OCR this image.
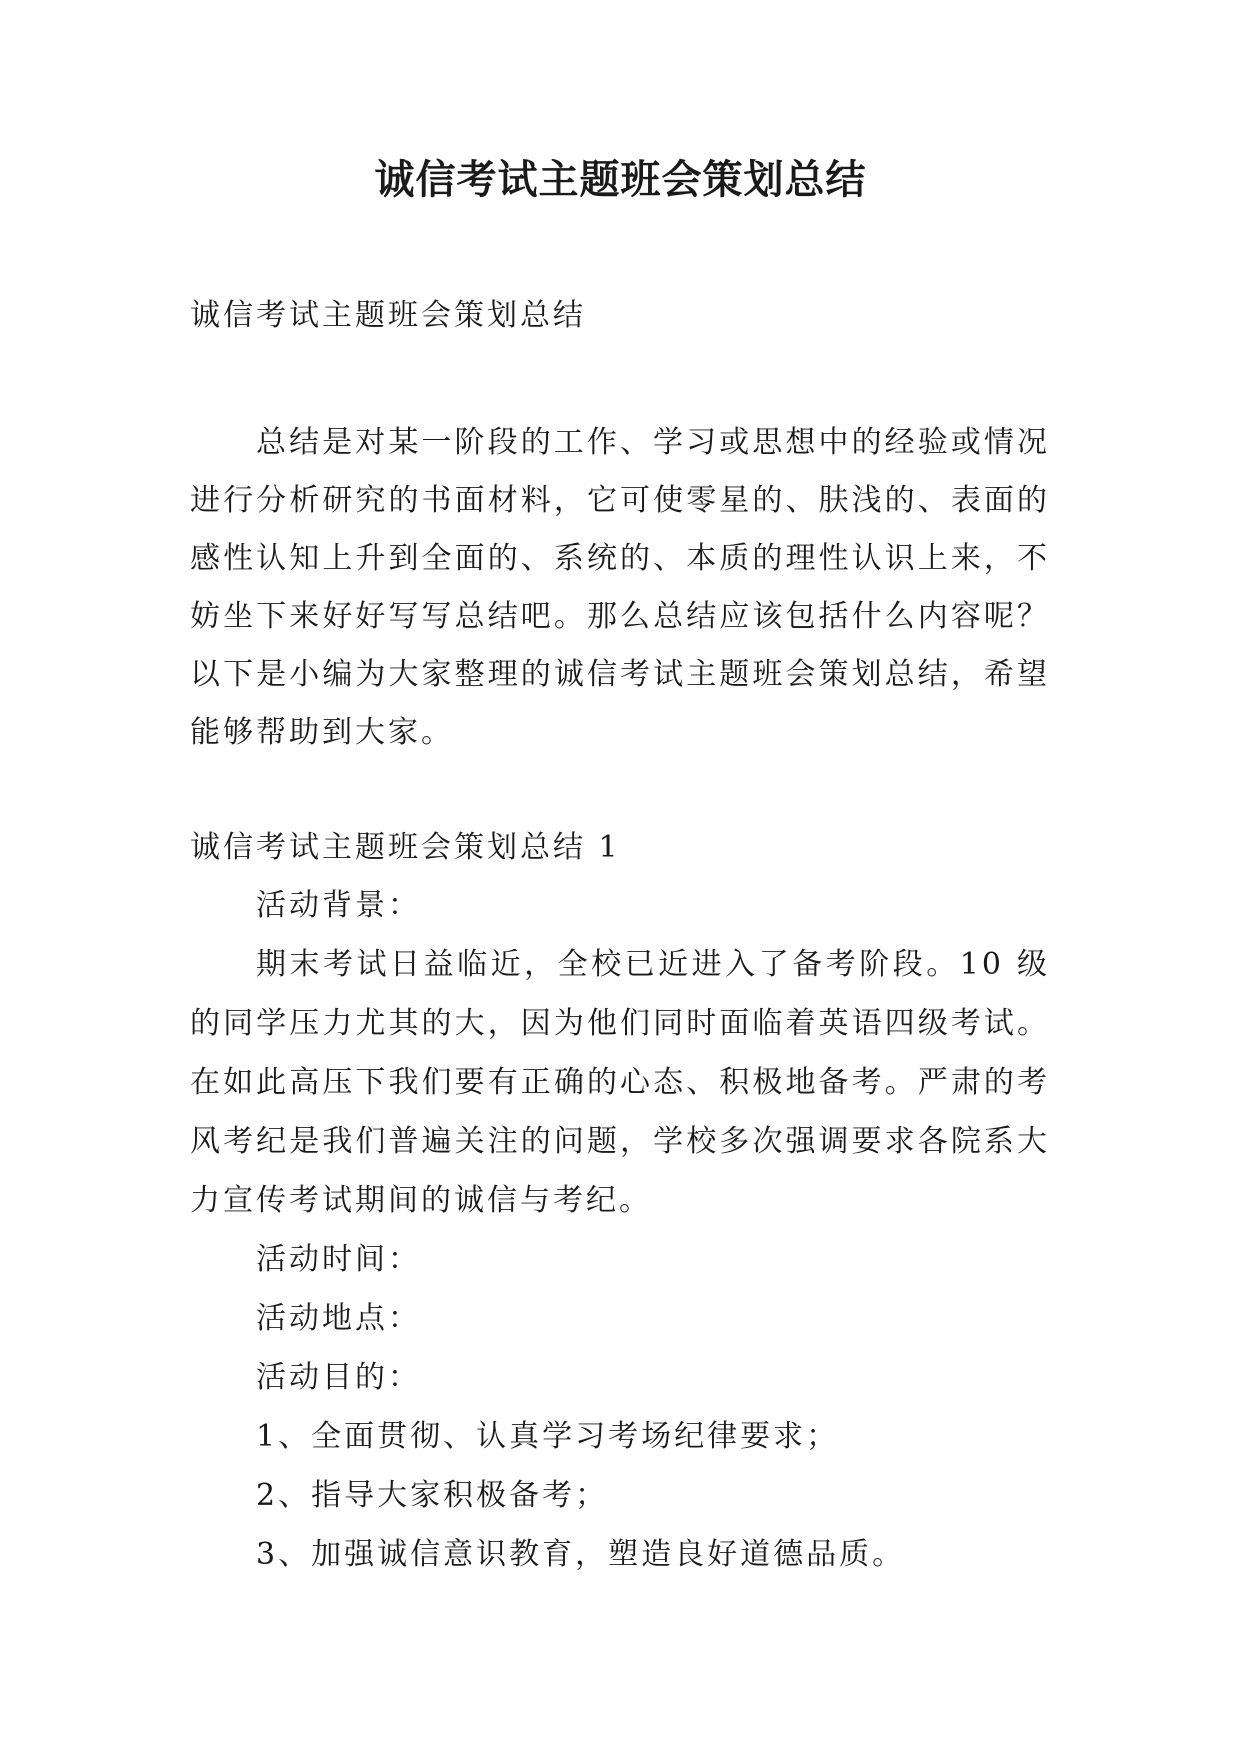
诚信考试主题班会策划总结

诚信考试主题班会策划总结

总结是对某一阶段的工作、学习或思想中的经验或情况进行分析研究的书面材料，它可使零星的、肤浅的、表面的感性认知上升到全面的、系统的、本质的理性认识上来，不妨坐下来好好写写总结吧。那么总结应该包括什么内容呢？以下是小编为大家整理的诚信考试主题班会策划总结，希望能够帮助到大家。

诚信考试主题班会策划总结 1

活动背景：

期末考试日益临近，全校已近进入了备考阶段。10 级的同学压力尤其的大，因为他们同时面临着英语四级考试。在如此高压下我们要有正确的心态、积极地备考。严肃的考风考纪是我们普遍关注的问题，学校多次强调要求各院系大力宣传考试期间的诚信与考纪。

活动时间：

活动地点：

活动目的：

1、全面贯彻、认真学习考场纪律要求；

2、指导大家积极备考；

3、加强诚信意识教育，塑造良好道德品质。
